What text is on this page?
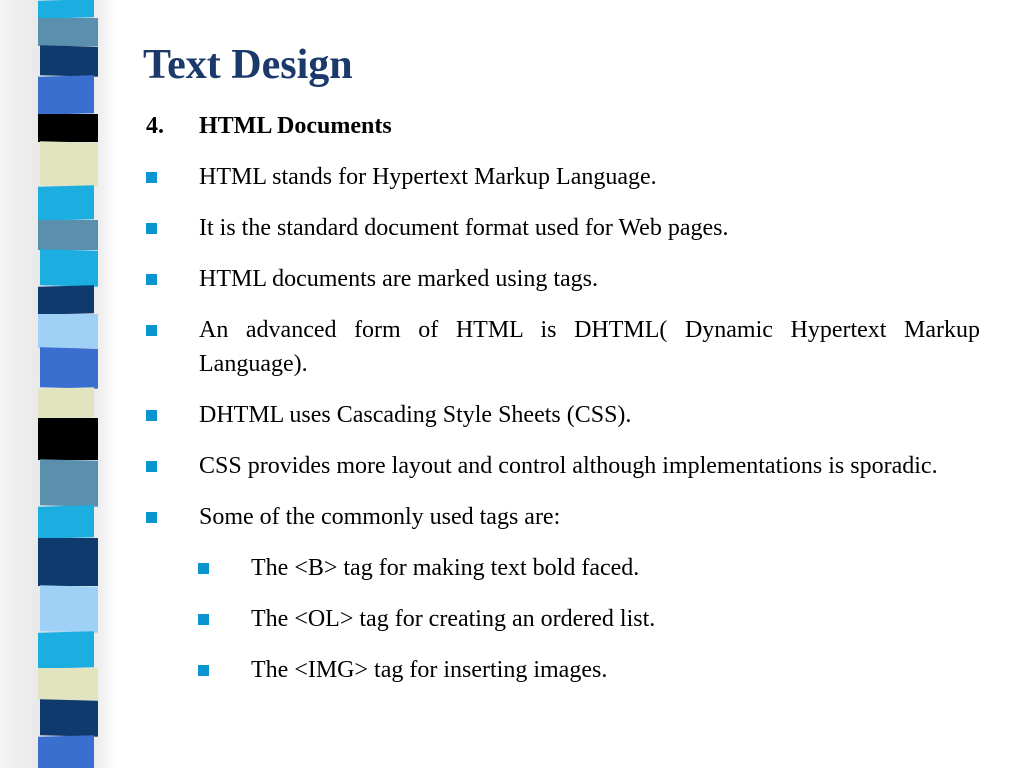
Text Design
4.	HTML Documents
HTML stands for Hypertext Markup Language.
It is the standard document format used for Web pages.
HTML documents are marked using tags.
An advanced form of HTML is DHTML( Dynamic Hypertext Markup Language).
DHTML uses Cascading Style Sheets (CSS).
CSS provides more layout and control although implementations is sporadic.
Some of the commonly used tags are:
The <B> tag for making text bold faced.
The <OL> tag for creating an ordered list.
The <IMG> tag for inserting images.
